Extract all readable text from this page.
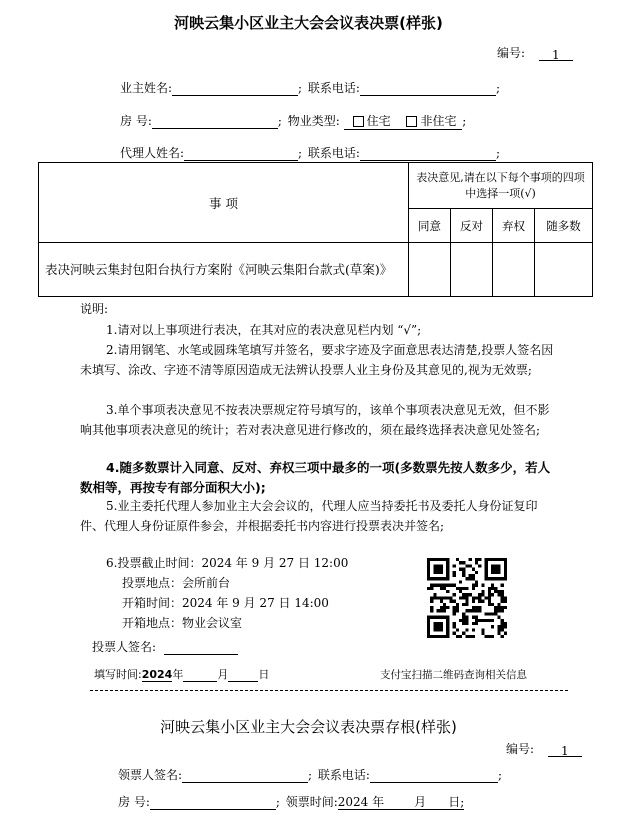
河映云集小区业主大会会议表决票(样张)
编号: 1
业主姓名:	; 联系电话:	;
房 号:	; 物业类型: 住宅 非住宅 ;
代理人姓名:	; 联系电话:	;
事 项	表决意见,请在以下每个事项的四项中选择一项(√)			
	同意	反对	弃权	随多数
表决河映云集封包阳台执行方案附《河映云集阳台款式(草案)》				
说明:
1.请对以上事项进行表决，在其对应的表决意见栏内划 “√”;
2.请用钢笔、水笔或圆珠笔填写并签名，要求字迹及字面意思表达清楚,投票人签名因未填写、涂改、字迹不清等原因造成无法辨认投票人业主身份及其意见的,视为无效票;
3.单个事项表决意见不按表决票规定符号填写的，该单个事项表决意见无效，但不影响其他事项表决意见的统计；若对表决意见进行修改的，须在最终选择表决意见处签名;
4.随多数票计入同意、反对、弃权三项中最多的一项(多数票先按人数多少，若人数相等，再按专有部分面积大小);
5.业主委托代理人参加业主大会会议的，代理人应当持委托书及委托人身份证复印件、代理人身份证原件参会，并根据委托书内容进行投票表决并签名;
6.投票截止时间：2024 年 9 月 27 日 12:00
投票地点：会所前台
开箱时间：2024 年 9 月 27 日 14:00
开箱地点：物业会议室
投票人签名:
填写时间:2024年	月	日	支付宝扫描二维码查询相关信息
河映云集小区业主大会会议表决票存根(样张)
编号: 1
领票人签名:	; 联系电话:	;
房 号:	; 领票时间:2024 年	月 日;
